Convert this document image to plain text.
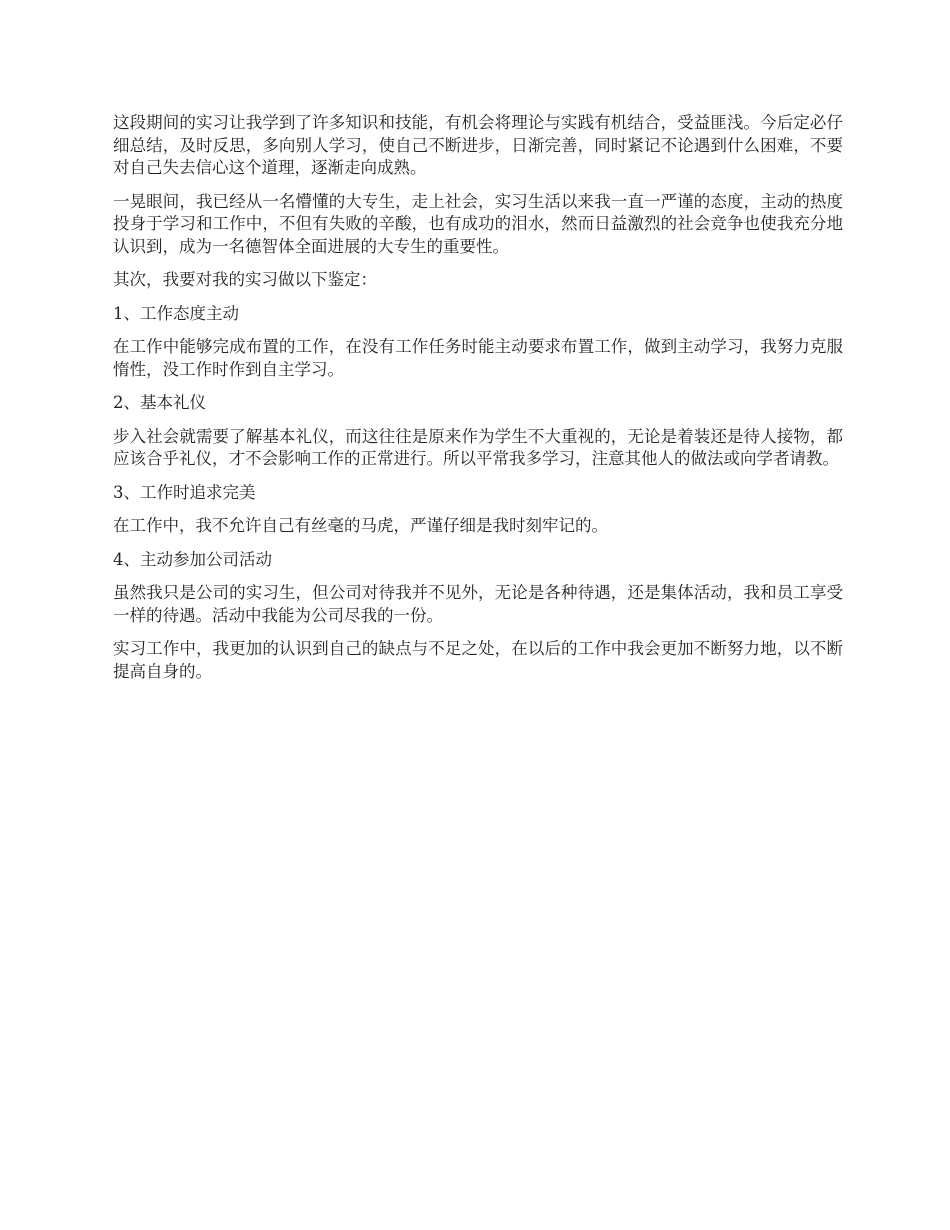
这段期间的实习让我学到了许多知识和技能，有机会将理论与实践有机结合，受益匪浅。今后定必仔细总结，及时反思，多向别人学习，使自己不断进步，日渐完善，同时紧记不论遇到什么困难，不要对自己失去信心这个道理，逐渐走向成熟。

一晃眼间，我已经从一名懵懂的大专生，走上社会，实习生活以来我一直一严谨的态度，主动的热度投身于学习和工作中，不但有失败的辛酸，也有成功的泪水，然而日益激烈的社会竞争也使我充分地认识到，成为一名德智体全面进展的大专生的重要性。

其次，我要对我的实习做以下鉴定：

1、工作态度主动

在工作中能够完成布置的工作，在没有工作任务时能主动要求布置工作，做到主动学习，我努力克服惰性，没工作时作到自主学习。

2、基本礼仪

步入社会就需要了解基本礼仪，而这往往是原来作为学生不大重视的，无论是着装还是待人接物，都应该合乎礼仪，才不会影响工作的正常进行。所以平常我多学习，注意其他人的做法或向学者请教。

3、工作时追求完美

在工作中，我不允许自己有丝毫的马虎，严谨仔细是我时刻牢记的。

4、主动参加公司活动

虽然我只是公司的实习生，但公司对待我并不见外，无论是各种待遇，还是集体活动，我和员工享受一样的待遇。活动中我能为公司尽我的一份。

实习工作中，我更加的认识到自己的缺点与不足之处，在以后的工作中我会更加不断努力地，以不断提高自身的。
